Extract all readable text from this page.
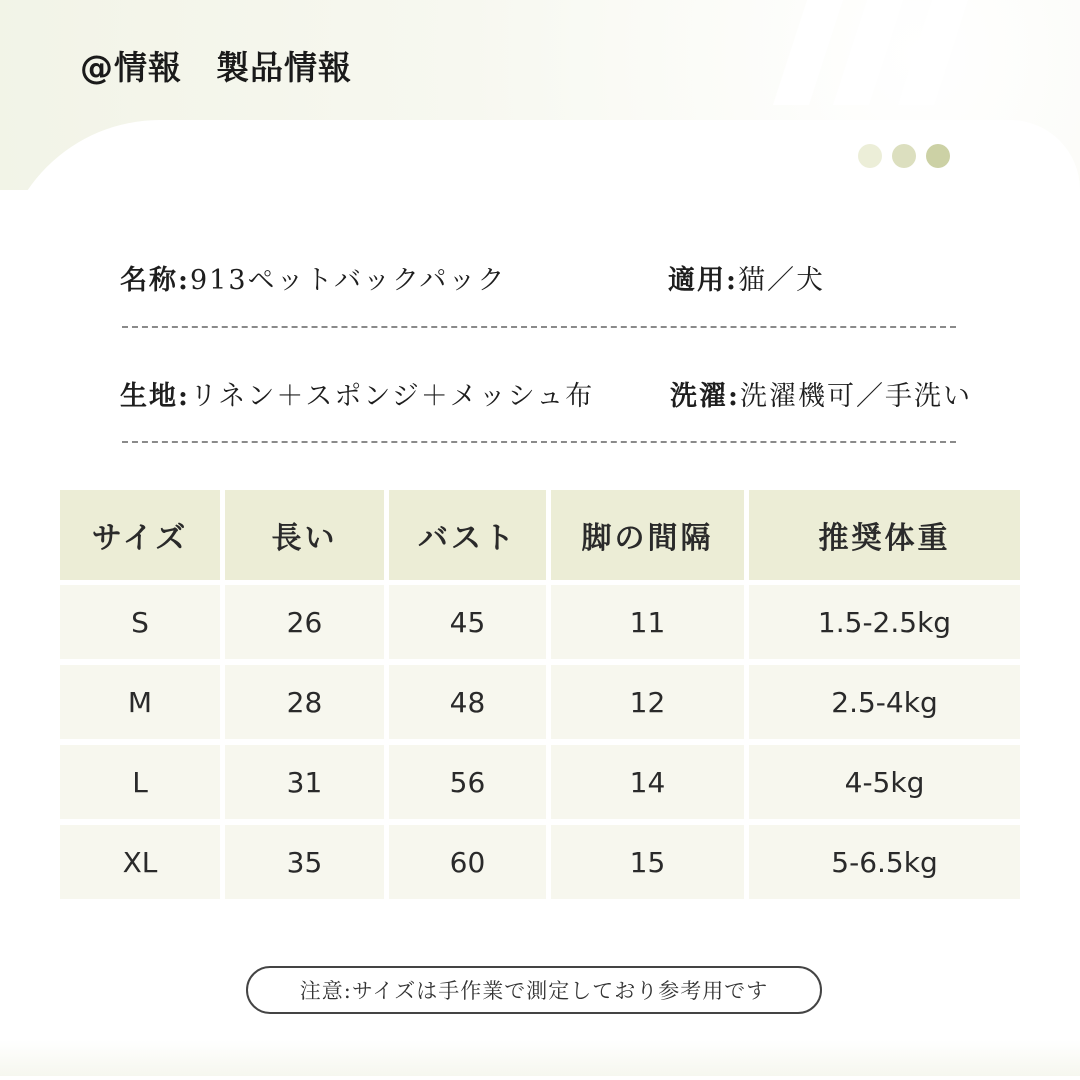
@情報　製品情報
名称:913ペットバックパック	適用:猫／犬
生地:リネン＋スポンジ＋メッシュ布	洗濯:洗濯機可／手洗い
サイズ	長い	バスト	脚の間隔	推奨体重
S	26	45	11	1.5-2.5kg
M	28	48	12	2.5-4kg
L	31	56	14	4-5kg
XL	35	60	15	5-6.5kg
注意:サイズは手作業で測定しており参考用です
